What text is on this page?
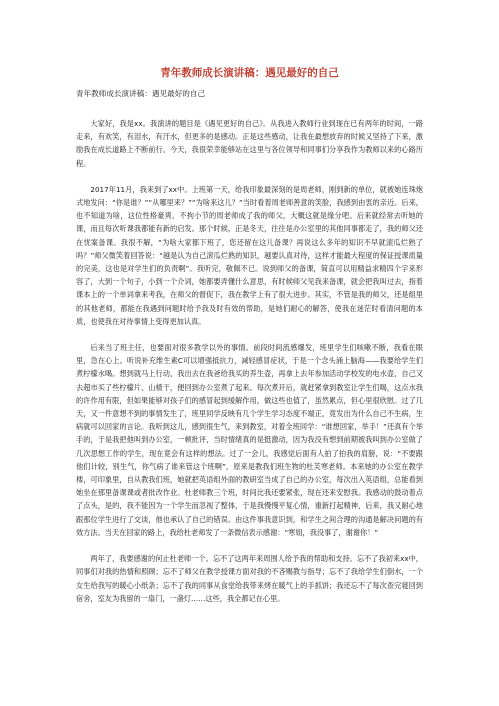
青年教师成长演讲稿：遇见最好的自己
青年教师成长演讲稿：遇见最好的自己

大家好，我是xx。我演讲的题目是《遇见更好的自己》。从我进入教师行业到现在已有两年的时间，一路走来，有欢笑，有泪水，有汗水，但更多的是感动。正是这些感动，让我在最想放弃的时候又坚持了下来，激励我在成长道路上不断前行。今天，我很荣幸能够站在这里与各位领导和同事们分享我作为教师以来的心路历程。

2017年11月，我来到了xx中。上班第一天，给我印象最深刻的是周老师，刚到新的单位，就被她连珠炮式地发问：“你是谁？”“从哪里来？”“为啥来这儿？”当时看着周老师善意的笑脸，我感到由衷的亲近。后来，也不知道为啥，这位性格豪爽、不拘小节的周老师成了我的师父，大概这就是缘分吧。后来就经常去听她的课，而且每次听课我都能有新的启发。那个时候，正是冬天，往往是办公室里的其他同事都走了，我的师父还在忧案备课。我很不解，“为啥大家都下班了，您还留在这儿备课？再说这么多年的知识不早就滚瓜烂熟了吗？”师父微笑着回答说：“越是认为自己滚瓜烂熟的知识，越要认真对待，这样才能最大程度的保证授课质量的完美，这也是对学生们的负责啊”。我听完，敬佩不已。说到师父的备课，简直可以用精益求精四个字来形容了，大到一个句子，小到一个介词，她都要弄懂什么意思，有时候师父见我来备课，就会把我叫过去，指着课本上的一个单词拿来考我，在师父的督促下，我在教学上有了很大进步。其实，不管是我的师父，还是组里的其他老师，都能在我遇到问题时给予我及时有效的帮助，是她们耐心的解答，使我在迷茫时看清问题的本质，也使我在对待事情上变得更加认真。

后来当了班主任，也要面对很多教学以外的事情。前段时间流感爆发，班里学生们咳嗽不断，我看在眼里，急在心上。听说补充维生素C可以增强抵抗力，减轻感冒症状，于是一个念头涌上脑海——我要给学生们煮柠檬水喝。想到就马上行动，我出去在我爸给我买的养生壶，再拿上去年参加活动学校发的电水壶，自己又去超市买了些柠檬片、山楂干，便回到办公室煮了起来。每次煮开后，就赶紧拿到教室让学生们喝，这点水我的许作用有限，但如果能够对孩子们的感冒起到缓解作用，做这些也值了，虽然累点，但心里很欣慰。过了几天，又一件意想不到的事情发生了，班里同学反映有几个学生学习态度不端正，竟发出为什么自己不生病，生病就可以回家的言论。我听到这儿，感到很生气，来到教室，对着全班同学：“谁想回家，举手！”还真有个举手的，于是我把他叫到办公室，一顿批评，当时情绪真的是挺激动，因为我没有想到前期被我叫到办公室做了几次思想工作的学生，现在竟会有这样的想法。过了一会儿，我感觉后面有人拍了拍我的肩膀，说：“不要跟他们计较，别生气，你气病了谁来管这个班啊”，原来是教我们班生物的杜芙寒老师。本来她的办公室在教学楼，可印象里，自从教我们班，她就把英语组外面的教研室当成了自己的办公室，每次出入英语组，总能看到她坐在那里备课课或者批改作业。杜老师教三个班，时间比我还要紧张，现在还来安慰我。我感动的鼓动着点了点头，是的，我不能因为一个学生而忽视了整体，于是我慢慢平复心情，重新打起精神，后来，我又耐心地跟那位学生进行了交谈，他也承认了自己的错误。由这件事我意识到，和学生之间合理的沟通是解决问题的有效方法。当天在回家的路上，我给杜老师发了一条微信表示感谢：“寒姐，我没事了，谢谢你！”

两年了，我要感谢的何止杜老师一个。忘不了这两年来周围人给予我的帮助和支持。忘不了我初来xx中，同事们对我的热情和照顾；忘不了师父在教学授课方面对我的不吝赐教与指导；忘不了我给学生们倒水，一个女生给我写的暖心小纸条；忘不了我的同事从食堂给我带来烤在暖气上的手抓饼；我还忘不了每次查完寝回到宿舍，室友为我留的一扇门，一盏灯……这些，我全都记在心里。
